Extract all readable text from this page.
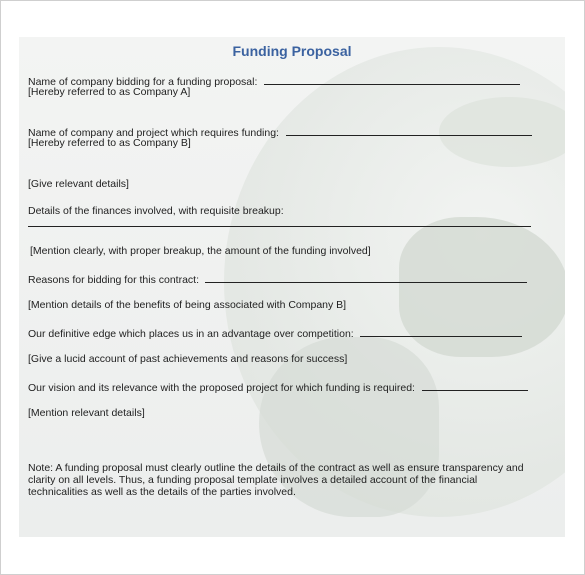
Funding Proposal
Name of company bidding for a funding proposal:
[Hereby referred to as Company A]
Name of company and project which requires funding:
[Hereby referred to as Company B]
[Give relevant details]
Details of the finances involved, with requisite breakup:
[Mention clearly, with proper breakup, the amount of the funding involved]
Reasons for bidding for this contract:
[Mention details of the benefits of being associated with Company B]
Our definitive edge which places us in an advantage over competition:
[Give a lucid account of past achievements and reasons for success]
Our vision and its relevance with the proposed project for which funding is required:
[Mention relevant details]
Note: A funding proposal must clearly outline the details of the contract as well as ensure transparency and clarity on all levels. Thus, a funding proposal template involves a detailed account of the financial technicalities as well as the details of the parties involved.
